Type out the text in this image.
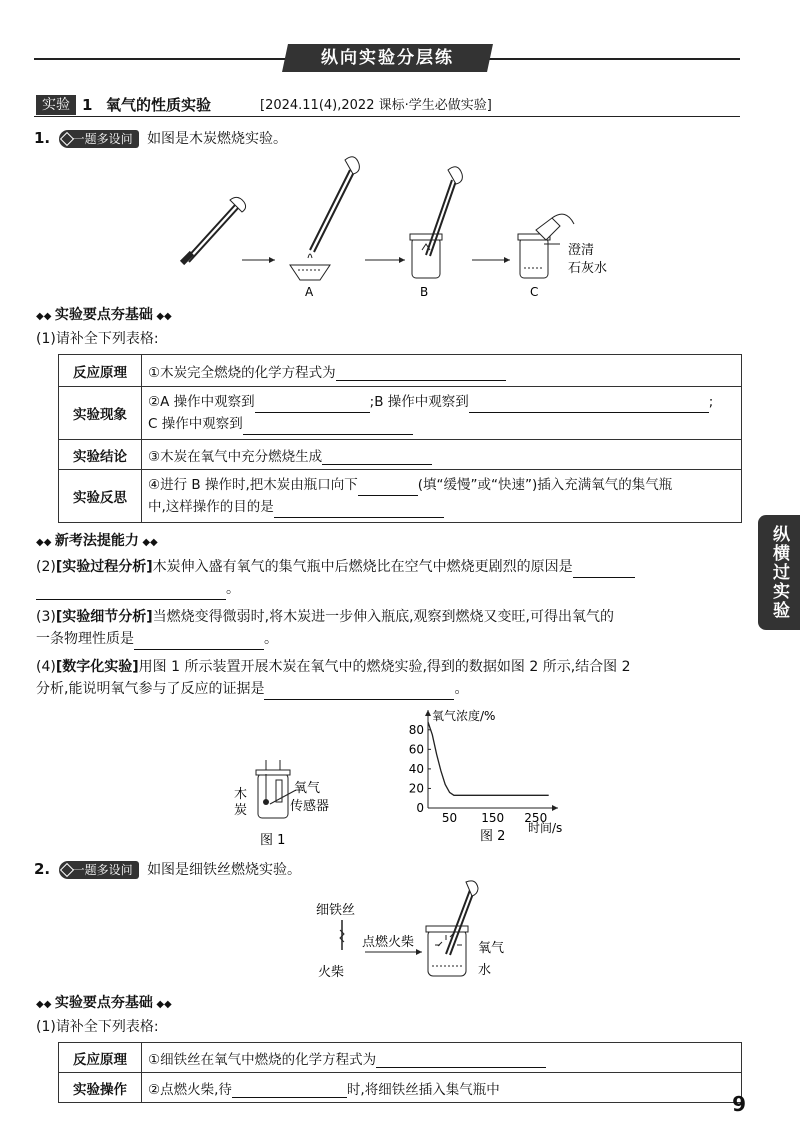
纵向实验分层练
实验 1 氧气的性质实验	[2024.11(4),2022 课标·学生必做实验]
1. 一题多设问 如图是木炭燃烧实验。
A	B	C
澄清
石灰水
◆◆ 实验要点夯基础 ◆◆
(1)请补全下列表格:
反应原理	①木炭完全燃烧的化学方程式为
实验现象	②A 操作中观察到 ;B 操作中观察到 ;
C 操作中观察到
实验结论	③木炭在氧气中充分燃烧生成
实验反思	④进行 B 操作时,把木炭由瓶口向下 (填“缓慢”或“快速”)插入充满氧气的集气瓶
中,这样操作的目的是
◆◆ 新考法提能力 ◆◆
(2)[实验过程分析]木炭伸入盛有氧气的集气瓶中后燃烧比在空气中燃烧更剧烈的原因是
。
(3)[实验细节分析]当燃烧变得微弱时,将木炭进一步伸入瓶底,观察到燃烧又变旺,可得出氧气的
一条物理性质是	。
(4)[数字化实验]用图 1 所示装置开展木炭在氧气中的燃烧实验,得到的数据如图 2 所示,结合图 2
分析,能说明氧气参与了反应的证据是	。
木
炭
氧气
传感器
图 1
氧气浓度/%
时间/s
图 2
20
40
60
80
0
50 150 250
2. 一题多设问 如图是细铁丝燃烧实验。
细铁丝
火柴
点燃火柴	氧气
水
◆◆ 实验要点夯基础 ◆◆
(1)请补全下列表格:
反应原理	①细铁丝在氧气中燃烧的化学方程式为
实验操作	②点燃火柴,待 时,将细铁丝插入集气瓶中
纵横过实验
9
